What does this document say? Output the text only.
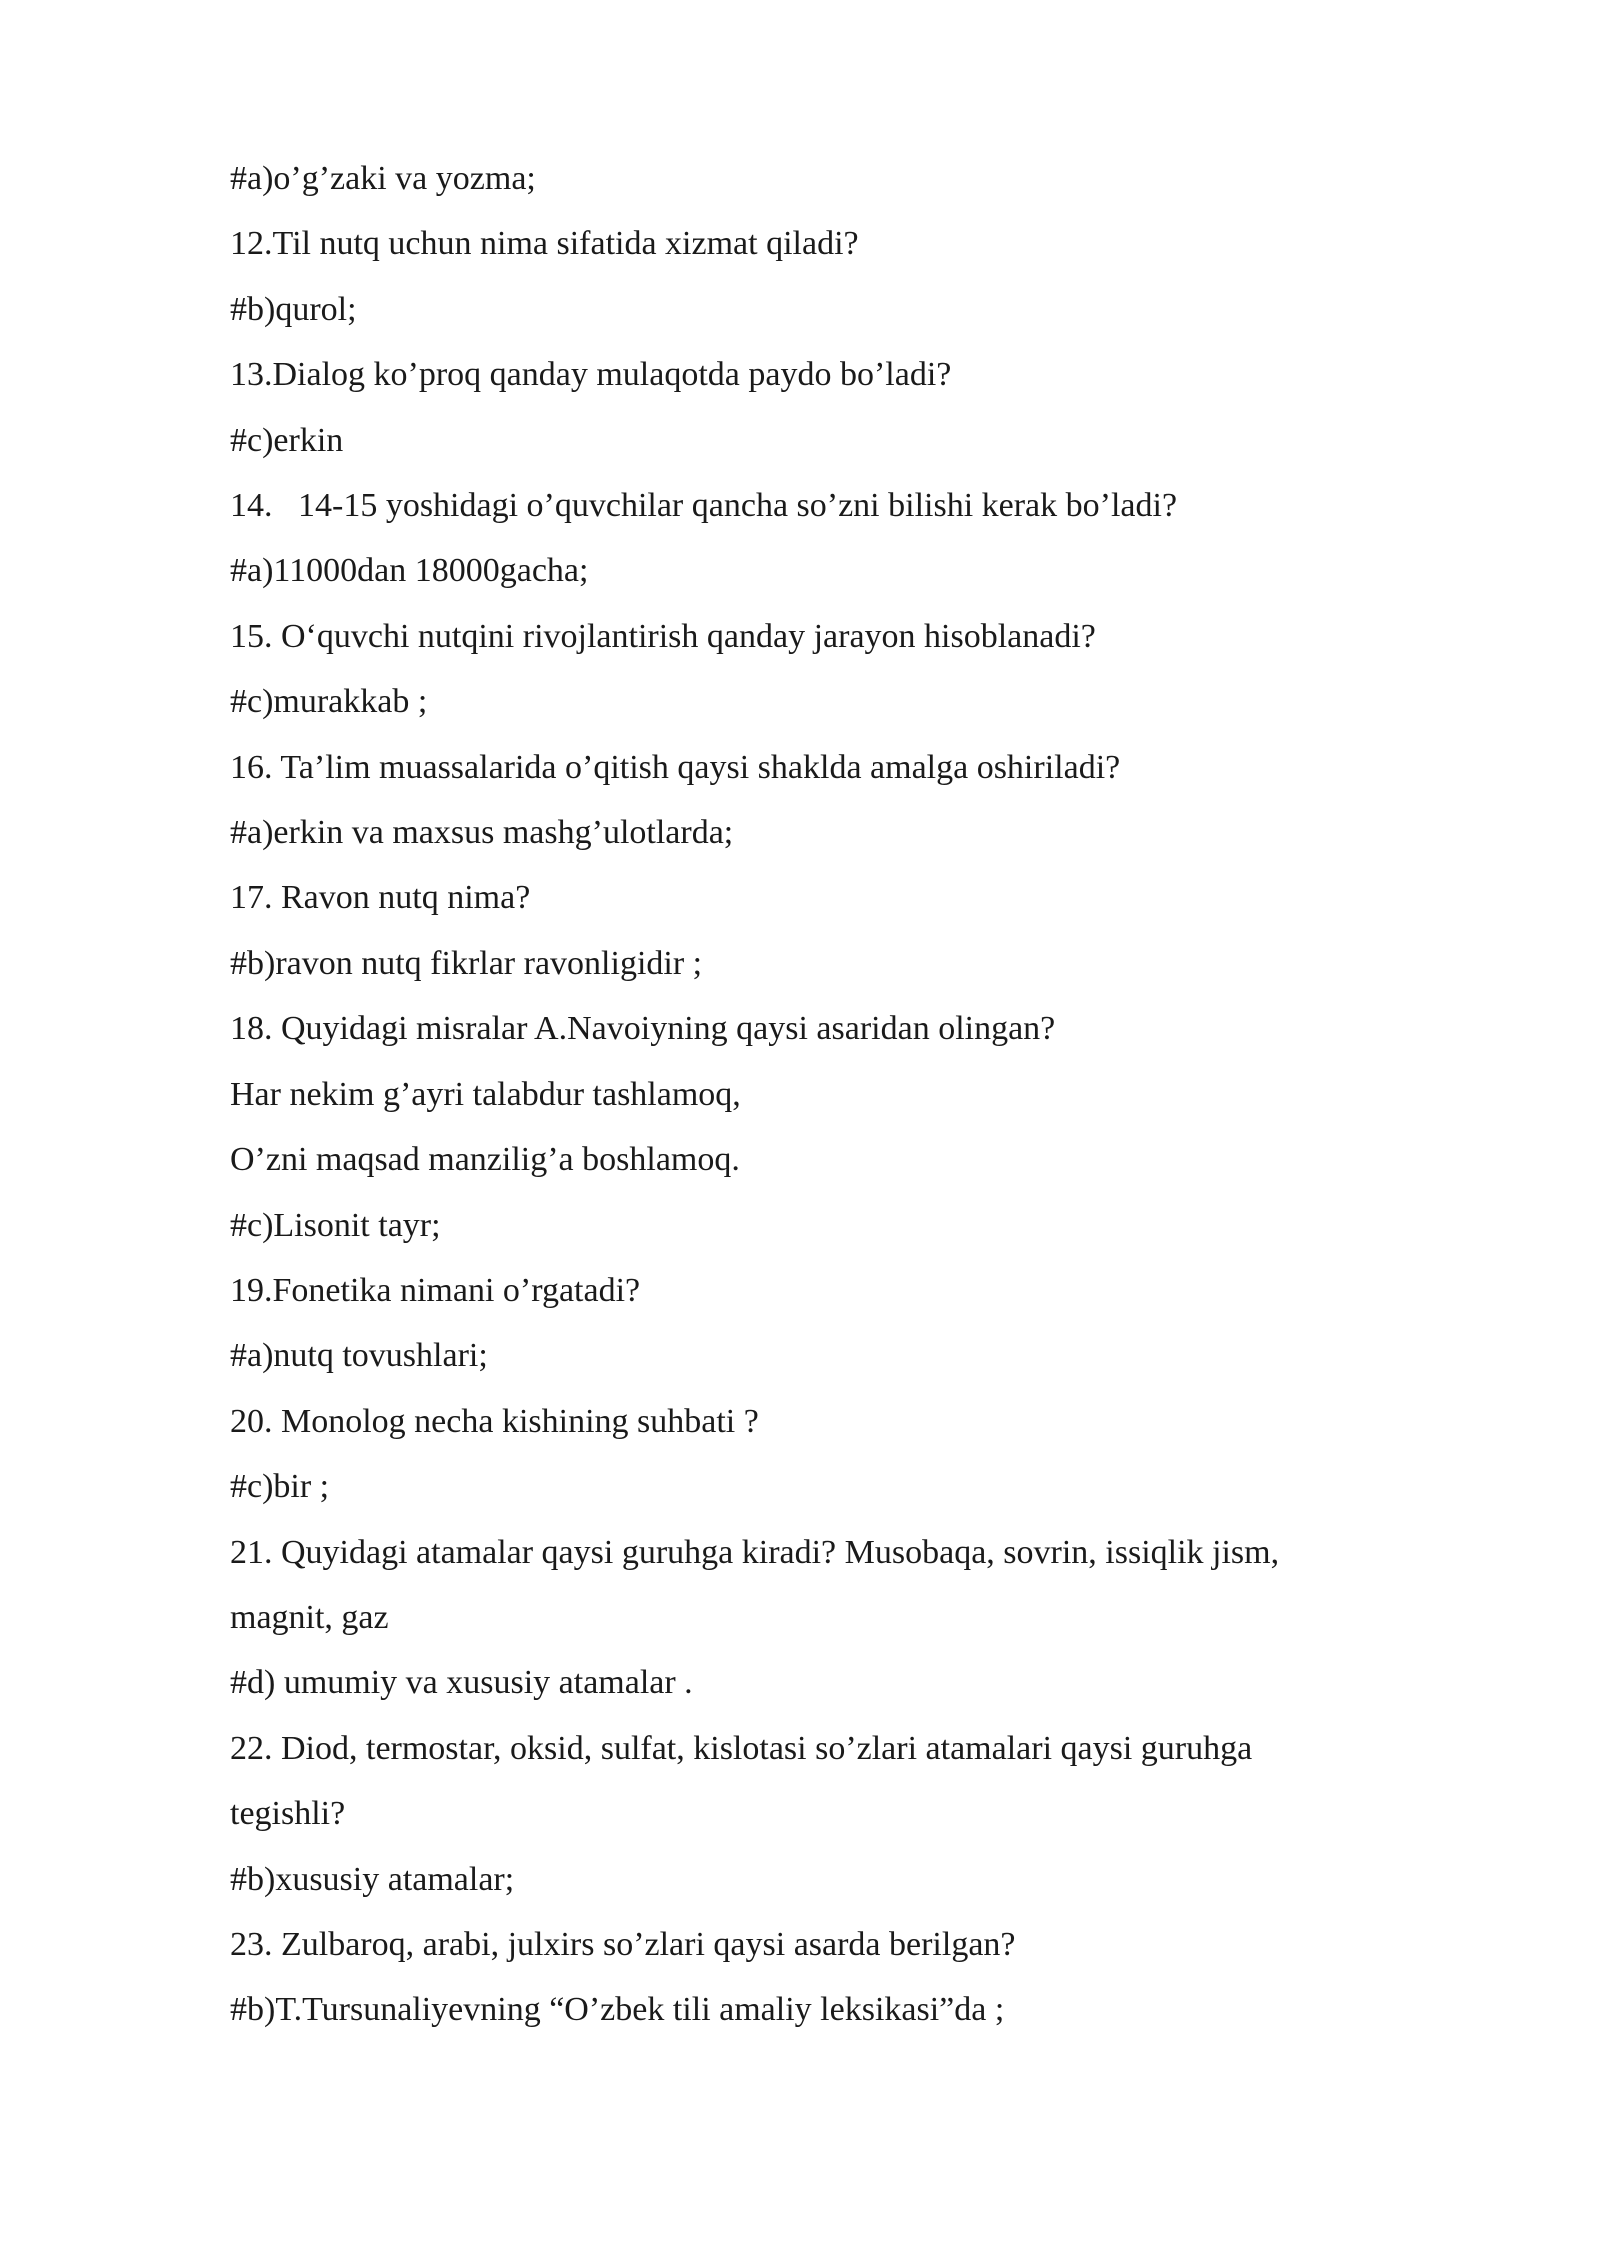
#a)o’g’zaki va yozma;

12.Til nutq uchun nima sifatida xizmat qiladi?

#b)qurol;

13.Dialog ko’proq qanday mulaqotda paydo bo’ladi?

#c)erkin

14.   14-15 yoshidagi o’quvchilar qancha so’zni bilishi kerak bo’ladi?

#a)11000dan 18000gacha;

15. O‘quvchi nutqini rivojlantirish qanday jarayon hisoblanadi?

#c)murakkab ;

16. Ta’lim muassalarida o’qitish qaysi shaklda amalga oshiriladi?

#a)erkin va maxsus mashg’ulotlarda;

17. Ravon nutq nima?

#b)ravon nutq fikrlar ravonligidir ;

18. Quyidagi misralar A.Navoiyning qaysi asaridan olingan?

Har nekim g’ayri talabdur tashlamoq,

O’zni maqsad manzilig’a boshlamoq.

#c)Lisonit tayr;

19.Fonetika nimani o’rgatadi?

#a)nutq tovushlari;

20. Monolog necha kishining suhbati ?

#c)bir ;

21. Quyidagi atamalar qaysi guruhga kiradi? Musobaqa, sovrin, issiqlik jism,

magnit, gaz

#d) umumiy va xususiy atamalar .

22. Diod, termostar, oksid, sulfat, kislotasi so’zlari atamalari qaysi guruhga

tegishli?

#b)xususiy atamalar;

23. Zulbaroq, arabi, julxirs so’zlari qaysi asarda berilgan?

#b)T.Tursunaliyevning “O’zbek tili amaliy leksikasi”da ;
